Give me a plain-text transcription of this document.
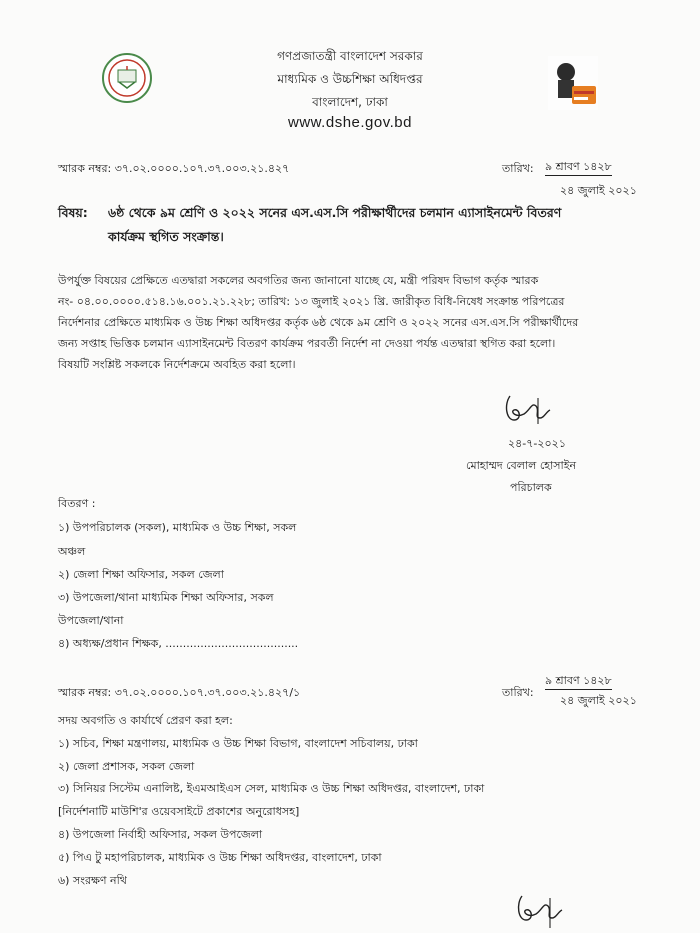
গণপ্রজাতন্ত্রী বাংলাদেশ সরকার
মাধ্যমিক ও উচ্চশিক্ষা অধিদপ্তর
বাংলাদেশ, ঢাকা
www.dshe.gov.bd
স্মারক নম্বর: ৩৭.০২.০০০০.১০৭.৩৭.০০৩.২১.৪২৭	তারিখ: ৯ শ্রাবণ ১৪২৮
২৪ জুলাই ২০২১
বিষয়: ৬ষ্ঠ থেকে ৯ম শ্রেণি ও ২০২২ সনের এস.এস.সি পরীক্ষার্থীদের চলমান এ্যাসাইনমেন্ট বিতরণ
কার্যক্রম স্থগিত সংক্রান্ত।
উপর্যুক্ত বিষয়ের প্রেক্ষিতে এতদ্বারা সকলের অবগতির জন্য জানানো যাচ্ছে যে, মন্ত্রী পরিষদ বিভাগ কর্তৃক স্মারক
নং- ০৪.০০.০০০০.৫১৪.১৬.০০১.২১.২২৮; তারিখ: ১৩ জুলাই ২০২১ খ্রি. জারীকৃত বিধি-নিষেধ সংক্রান্ত পরিপত্রের
নির্দেশনার প্রেক্ষিতে মাধ্যমিক ও উচ্চ শিক্ষা অধিদপ্তর কর্তৃক ৬ষ্ঠ থেকে ৯ম শ্রেণি ও ২০২২ সনের এস.এস.সি পরীক্ষার্থীদের
জন্য সপ্তাহ ভিত্তিক চলমান এ্যাসাইনমেন্ট বিতরণ কার্যক্রম পরবর্তী নির্দেশ না দেওয়া পর্যন্ত এতদ্বারা স্থগিত করা হলো।
বিষয়টি সংশ্লিষ্ট সকলকে নির্দেশক্রমে অবহিত করা হলো।
২৪-৭-২০২১
মোহাম্মদ বেলাল হোসাইন
পরিচালক
বিতরণ :
১) উপপরিচালক (সকল), মাধ্যমিক ও উচ্চ শিক্ষা, সকল
অঞ্চল
২) জেলা শিক্ষা অফিসার, সকল জেলা
৩) উপজেলা/থানা মাধ্যমিক শিক্ষা অফিসার, সকল
উপজেলা/থানা
৪) অধ্যক্ষ/প্রধান শিক্ষক, ......................................
স্মারক নম্বর: ৩৭.০২.০০০০.১০৭.৩৭.০০৩.২১.৪২৭/১	তারিখ:
৯ শ্রাবণ ১৪২৮
২৪ জুলাই ২০২১
সদয় অবগতি ও কার্যার্থে প্রেরণ করা হল:
১) সচিব, শিক্ষা মন্ত্রণালয়, মাধ্যমিক ও উচ্চ শিক্ষা বিভাগ, বাংলাদেশ সচিবালয়, ঢাকা
২) জেলা প্রশাসক, সকল জেলা
৩) সিনিয়র সিস্টেম এনালিষ্ট, ইএমআইএস সেল, মাধ্যমিক ও উচ্চ শিক্ষা অধিদপ্তর, বাংলাদেশ, ঢাকা
[নির্দেশনাটি মাউশি'র ওয়েবসাইটে প্রকাশের অনুরোধসহ]
৪) উপজেলা নির্বাহী অফিসার, সকল উপজেলা
৫) পিএ টু মহাপরিচালক, মাধ্যমিক ও উচ্চ শিক্ষা অধিদপ্তর, বাংলাদেশ, ঢাকা
৬) সংরক্ষণ নথি
